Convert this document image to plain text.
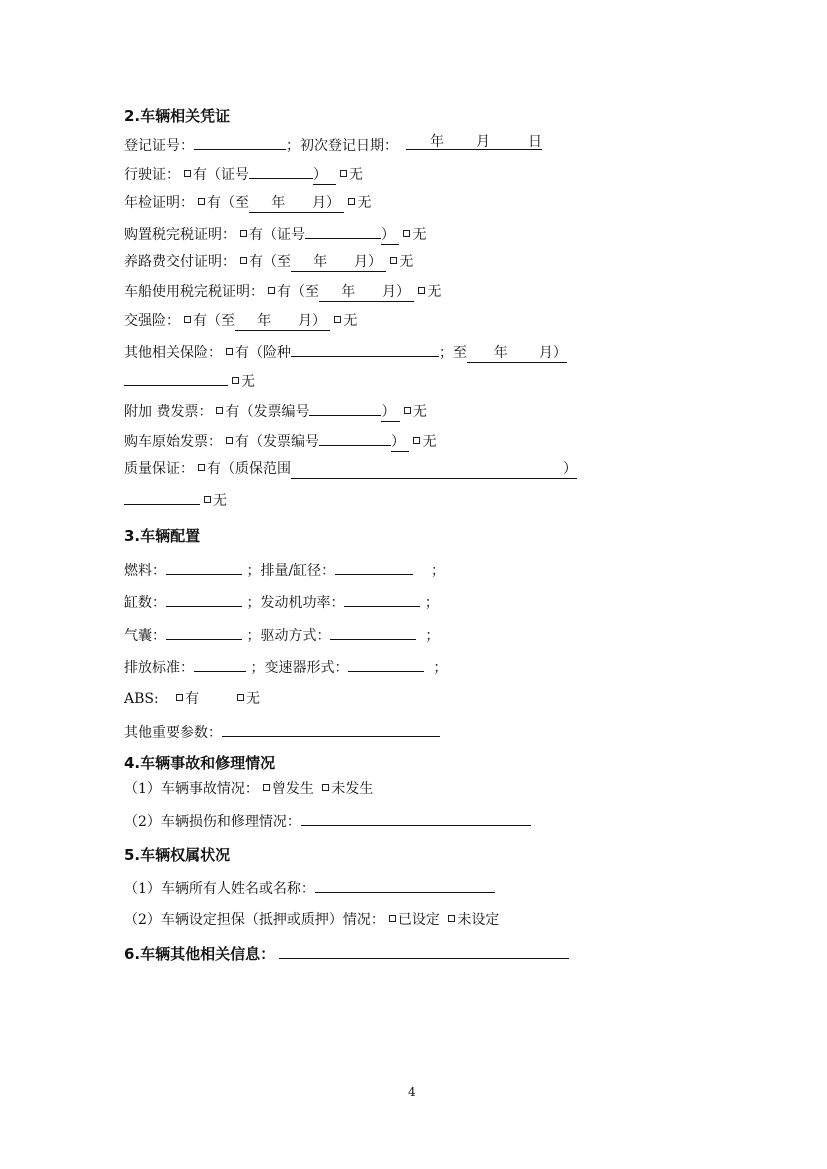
2.车辆相关凭证
登记证号：	；初次登记日期： 年 月	日
行驶证： 有（证号	） 无
年检证明： 有（至 年 月） 无
购置税完税证明： 有（证号	） 无
养路费交付证明： 有（至 年 月） 无
车船使用税完税证明： 有（至 年 月） 无
交强险： 有（至 年 月） 无
其他相关保险： 有（险种	；至 年 月）
无
附加 费发票： 有（发票编号	） 无
购车原始发票： 有（发票编号	） 无
质量保证： 有（质保范围	）
无
3.车辆配置
燃料：	；排量/缸径：	；
缸数：	；发动机功率：	；
气囊：	；驱动方式：	；
排放标准：	；变速器形式：	；
ABS: 有	无
其他重要参数：
4.车辆事故和修理情况
（1）车辆事故情况： 曾发生 未发生
（2）车辆损伤和修理情况：
5.车辆权属状况
（1）车辆所有人姓名或名称：
（2）车辆设定担保（抵押或质押）情况： 已设定 未设定
6.车辆其他相关信息：
4
